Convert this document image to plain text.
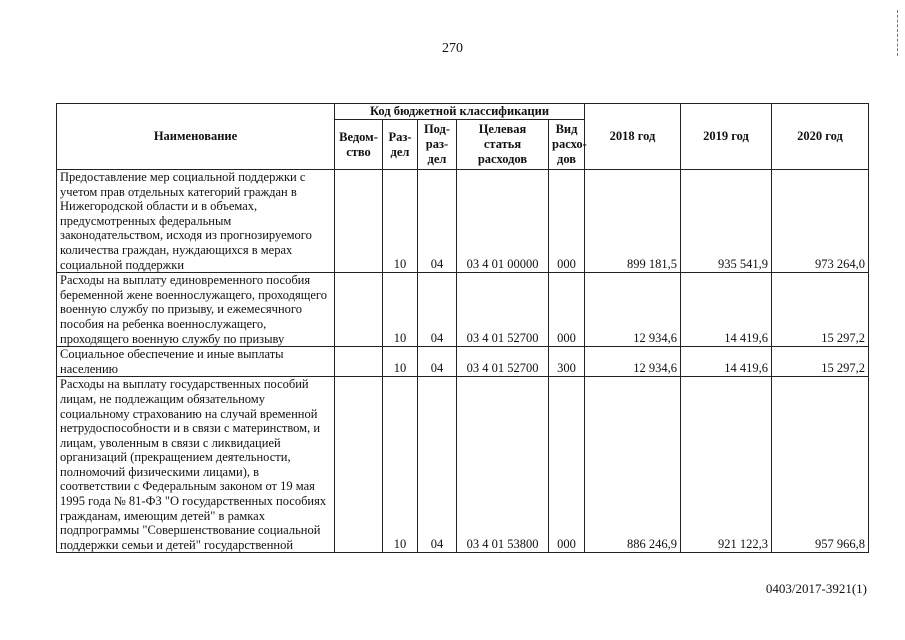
270
Наименование	Код бюджетной классификации					2018 год	2019 год	2020 год
	Ведом-ство	Раз-дел	Под-раз-дел	Целевая статья расходов	Вид расхо-дов			
Предоставление мер социальной поддержки с учетом прав отдельных категорий граждан в Нижегородской области и в объемах, предусмотренных федеральным законодательством, исходя из прогнозируемого количества граждан, нуждающихся в мерах социальной поддержки		10	04	03 4 01 00000	000	899 181,5	935 541,9	973 264,0
Расходы на выплату единовременного пособия беременной жене военнослужащего, проходящего военную службу по призыву, и ежемесячного пособия на ребенка военнослужащего, проходящего военную службу по призыву		10	04	03 4 01 52700	000	12 934,6	14 419,6	15 297,2
Социальное обеспечение и иные выплаты населению		10	04	03 4 01 52700	300	12 934,6	14 419,6	15 297,2
Расходы на выплату государственных пособий лицам, не подлежащим обязательному социальному страхованию на случай временной нетрудоспособности и в связи с материнством, и лицам, уволенным в связи с ликвидацией организаций (прекращением деятельности, полномочий физическими лицами), в соответствии с Федеральным законом от 19 мая 1995 года № 81-ФЗ "О государственных пособиях гражданам, имеющим детей" в рамках подпрограммы "Совершенствование социальной поддержки семьи и детей" государственной		10	04	03 4 01 53800	000	886 246,9	921 122,3	957 966,8
0403/2017-3921(1)
